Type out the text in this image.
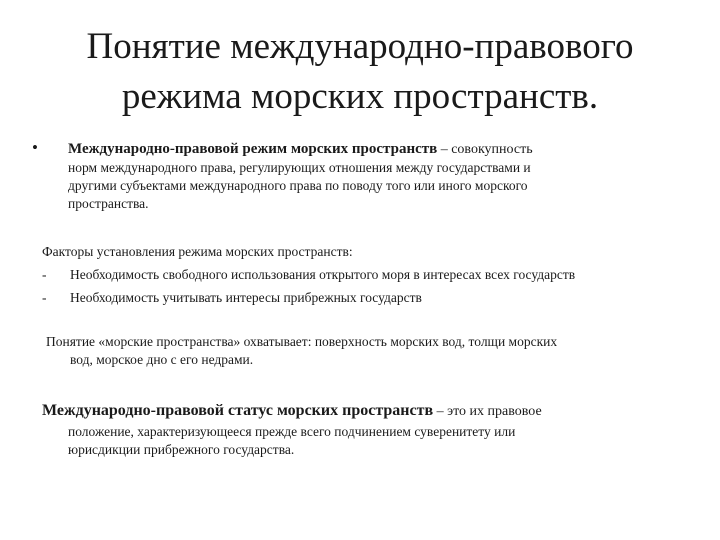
Понятие международно-правового
режима морских пространств.
•	Международно-правовой режим морских пространств – совокупность
норм международного права, регулирующих отношения между государствами и
другими субъектами международного права по поводу того или иного морского
пространства.
Факторы установления режима морских пространств:
-	Необходимость свободного использования открытого моря в интересах всех государств
-	Необходимость учитывать интересы прибрежных государств
Понятие «морские пространства» охватывает: поверхность морских вод, толщи морских
вод, морское дно с его недрами.
Международно-правовой статус морских пространств – это их правовое
положение, характеризующееся прежде всего подчинением суверенитету или
юрисдикции прибрежного государства.
